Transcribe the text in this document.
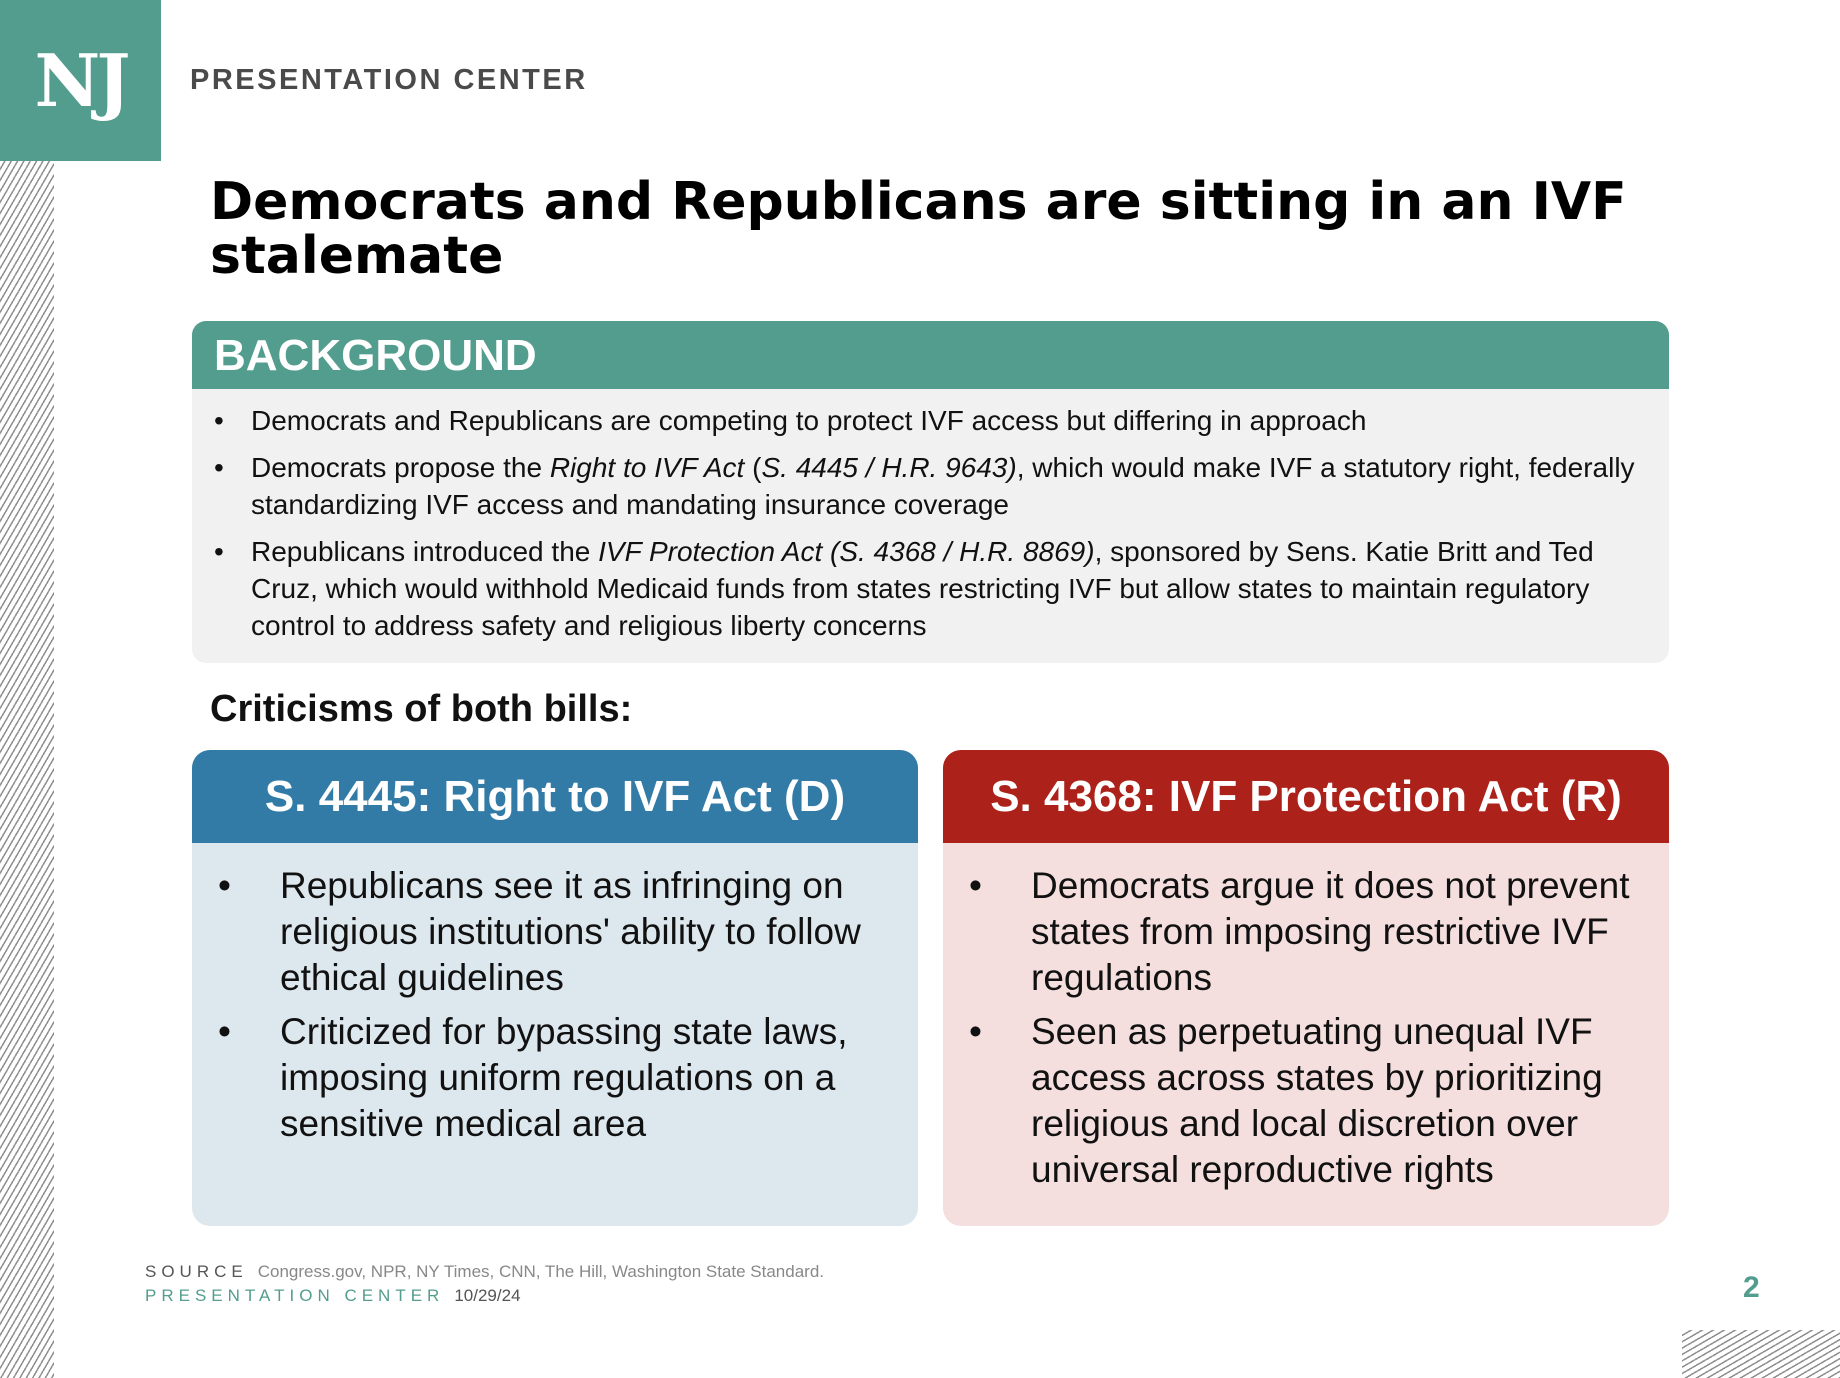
NJ	PRESENTATION CENTER
Democrats and Republicans are sitting in an IVF stalemate
BACKGROUND
• Democrats and Republicans are competing to protect IVF access but differing in approach
• Democrats propose the Right to IVF Act (S. 4445 / H.R. 9643), which would make IVF a statutory right, federally standardizing IVF access and mandating insurance coverage
• Republicans introduced the IVF Protection Act (S. 4368 / H.R. 8869), sponsored by Sens. Katie Britt and Ted Cruz, which would withhold Medicaid funds from states restricting IVF but allow states to maintain regulatory control to address safety and religious liberty concerns
Criticisms of both bills:
S. 4445: Right to IVF Act (D)
• Republicans see it as infringing on religious institutions' ability to follow ethical guidelines
• Criticized for bypassing state laws, imposing uniform regulations on a sensitive medical area
S. 4368: IVF Protection Act (R)
• Democrats argue it does not prevent states from imposing restrictive IVF regulations
• Seen as perpetuating unequal IVF access across states by prioritizing religious and local discretion over universal reproductive rights
SOURCE Congress.gov, NPR, NY Times, CNN, The Hill, Washington State Standard.
PRESENTATION CENTER 10/29/24	2
